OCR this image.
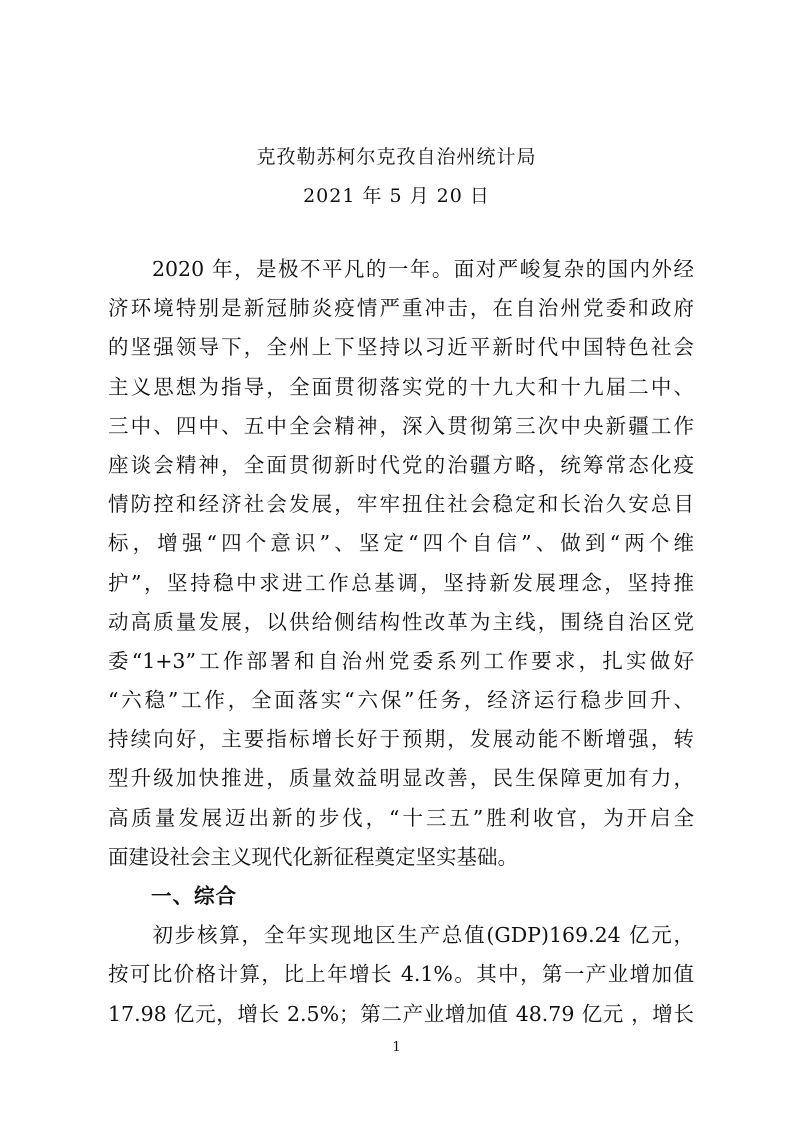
克孜勒苏柯尔克孜自治州统计局

2021 年 5 月 20 日

　　2020 年，是极不平凡的一年。面对严峻复杂的国内外经
济环境特别是新冠肺炎疫情严重冲击，在自治州党委和政府
的坚强领导下，全州上下坚持以习近平新时代中国特色社会
主义思想为指导，全面贯彻落实党的十九大和十九届二中、
三中、四中、五中全会精神，深入贯彻第三次中央新疆工作
座谈会精神，全面贯彻新时代党的治疆方略，统筹常态化疫
情防控和经济社会发展，牢牢扭住社会稳定和长治久安总目
标，增强“四个意识”、坚定“四个自信”、做到“两个维
护”，坚持稳中求进工作总基调，坚持新发展理念，坚持推
动高质量发展，以供给侧结构性改革为主线，围绕自治区党
委“1+3”工作部署和自治州党委系列工作要求，扎实做好
“六稳”工作，全面落实“六保”任务，经济运行稳步回升、
持续向好，主要指标增长好于预期，发展动能不断增强，转
型升级加快推进，质量效益明显改善，民生保障更加有力，
高质量发展迈出新的步伐，“十三五”胜利收官，为开启全
面建设社会主义现代化新征程奠定坚实基础。
　　一、综合
　　初步核算，全年实现地区生产总值(GDP)169.24 亿元，
按可比价格计算，比上年增长 4.1%。其中，第一产业增加值
17.98 亿元，增长 2.5%；第二产业增加值 48.79 亿元 ，增长

1
